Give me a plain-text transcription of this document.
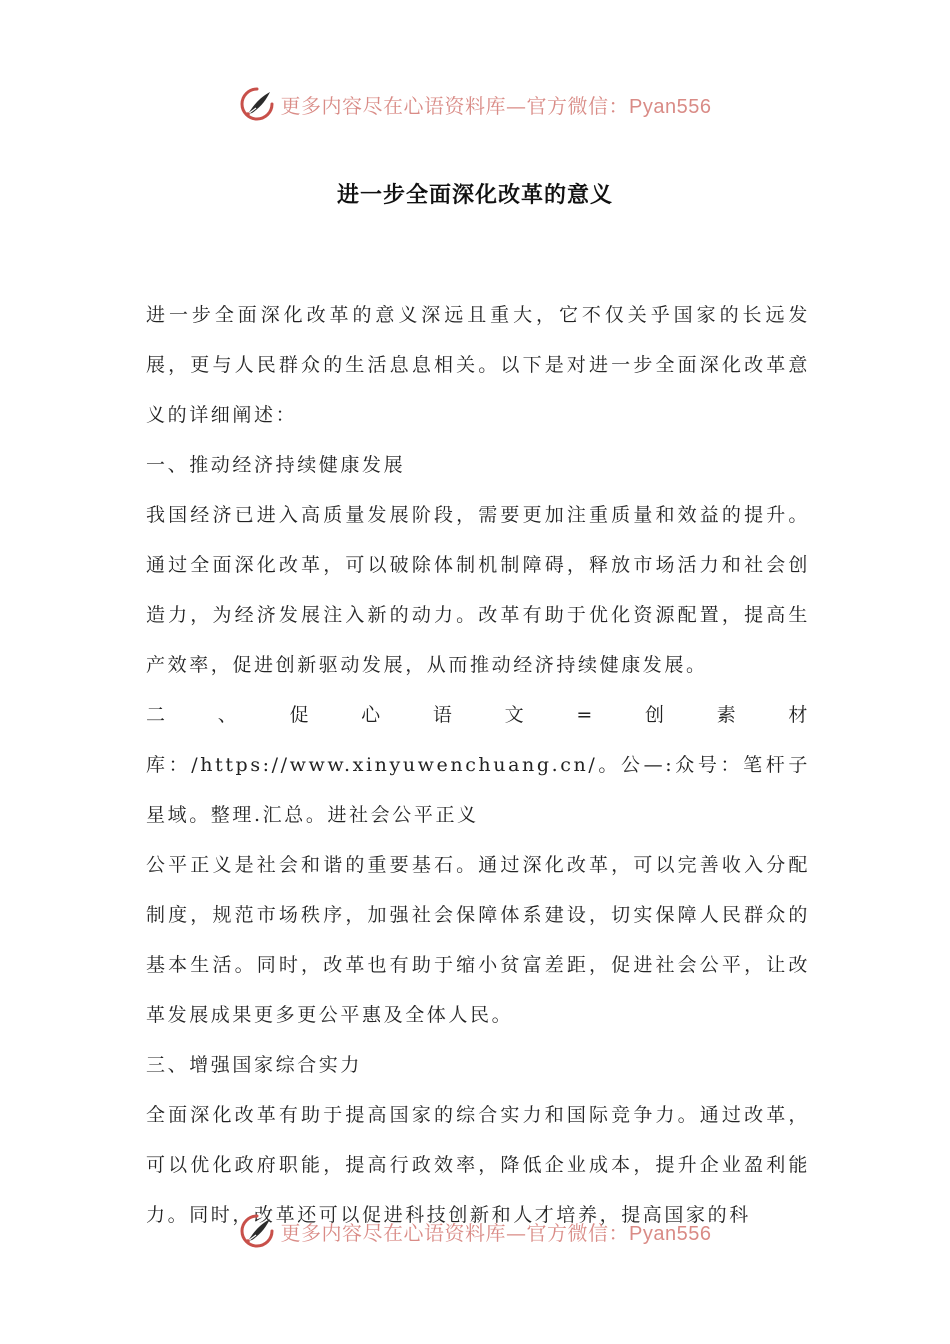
更多内容尽在心语资料库—官方微信：Pyan556
进一步全面深化改革的意义

进一步全面深化改革的意义深远且重大，它不仅关乎国家的长远发展，更与人民群众的生活息息相关。以下是对进一步全面深化改革意义的详细阐述：

一、推动经济持续健康发展

我国经济已进入高质量发展阶段，需要更加注重质量和效益的提升。通过全面深化改革，可以破除体制机制障碍，释放市场活力和社会创造力，为经济发展注入新的动力。改革有助于优化资源配置，提高生产效率，促进创新驱动发展，从而推动经济持续健康发展。

二、促心语文=创素材库：/https://www.xinyuwenchuang.cn/。公—:众号：笔杆子星域。整理.汇总。进社会公平正义

公平正义是社会和谐的重要基石。通过深化改革，可以完善收入分配制度，规范市场秩序，加强社会保障体系建设，切实保障人民群众的基本生活。同时，改革也有助于缩小贫富差距，促进社会公平，让改革发展成果更多更公平惠及全体人民。

三、增强国家综合实力

全面深化改革有助于提高国家的综合实力和国际竞争力。通过改革，可以优化政府职能，提高行政效率，降低企业成本，提升企业盈利能力。同时，改革还可以促进科技创新和人才培养，提高国家的科

更多内容尽在心语资料库—官方微信：Pyan556
